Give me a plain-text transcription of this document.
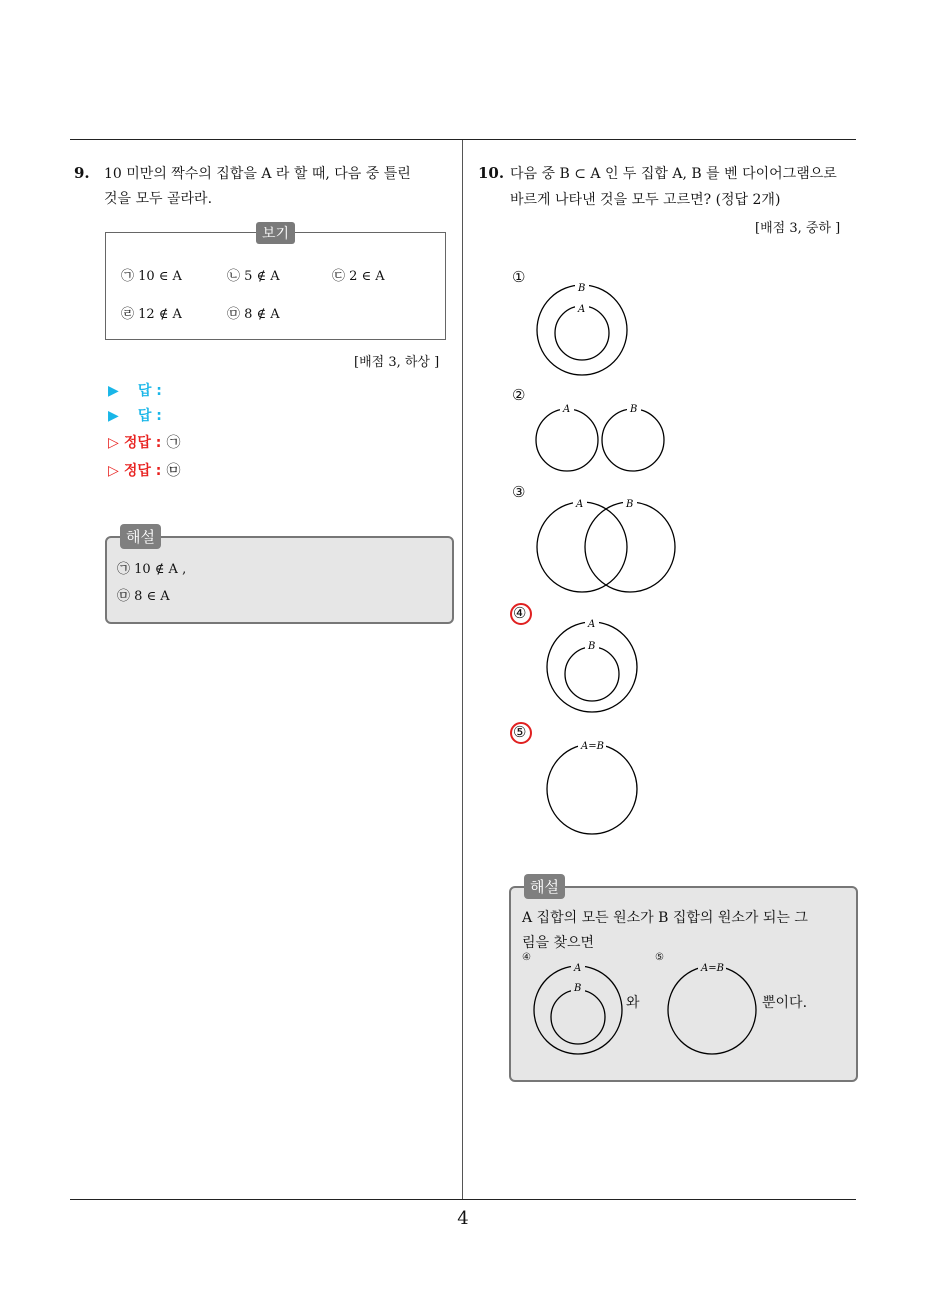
9. 10 미만의 짝수의 집합을 A 라 할 때, 다음 중 틀린
것을 모두 골라라.
보기
㉠ 10 ∈ A	㉡ 5 ∉ A	㉢ 2 ∈ A
㉣ 12 ∉ A	㉤ 8 ∉ A
[배점 3, 하상 ]
▶ 답 :
▶ 답 :
▷ 정답 : ㉠
▷ 정답 : ㉤
해설
㉠ 10 ∉ A ,
㉤ 8 ∈ A
10. 다음 중 B ⊂ A 인 두 집합 A, B 를 벤 다이어그램으로
바르게 나타낸 것을 모두 고르면? (정답 2개)
[배점 3, 중하 ]
①
B
A
②
A	B
③
A	B
④
A
B
⑤
A=B
해설
A 집합의 모든 원소가 B 집합의 원소가 되는 그
림을 찾으면
④	⑤
A
B
와
A=B
뿐이다.
4
